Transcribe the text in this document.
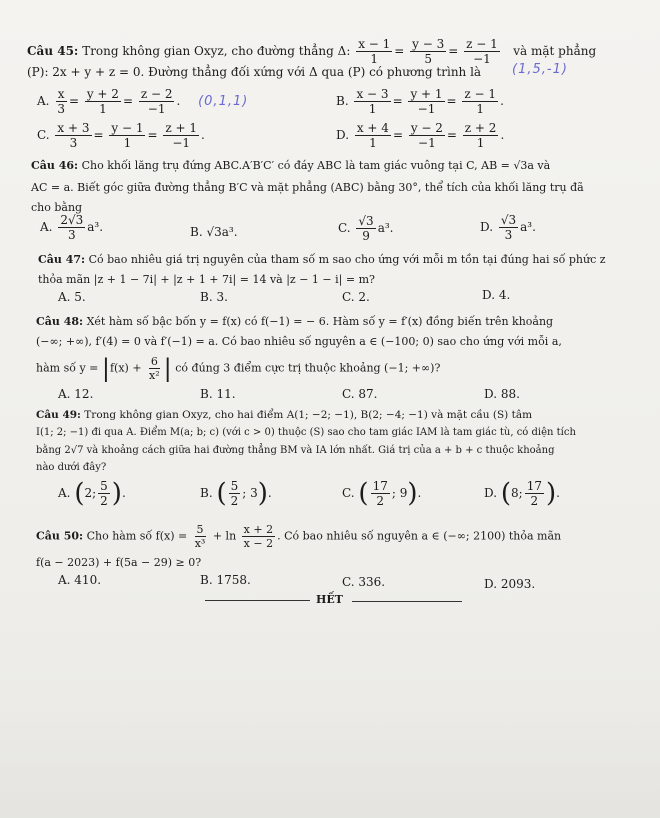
Câu 45: Trong không gian Oxyz, cho đường thẳng Δ: $\frac{x - 1}{1} = \frac{y - 3}{5} = \frac{z - 1}{-1}$ và mặt phẳng
(P): 2x + y + z = 0. Đường thẳng đối xứng với Δ qua (P) có phương trình là (1,5,-1)
A. $\frac{x}{3} = \frac{y + 2}{1} = \frac{z - 2}{-1}$ . (0,1,1)	B. $\frac{x - 3}{1} = \frac{y + 1}{-1} = \frac{z - 1}{1}$ .
C. $\frac{x + 3}{3} = \frac{y - 1}{1} = \frac{z + 1}{-1}$ .	D. $\frac{x + 4}{1} = \frac{y - 2}{-1} = \frac{z + 2}{1}$ .
Câu 46: Cho khối lăng trụ đứng ABC.A′B′C′ có đáy ABC là tam giác vuông tại C, AB = √3a và
AC = a. Biết góc giữa đường thẳng B′C và mặt phẳng (ABC) bằng 30°, thể tích của khối lăng trụ đã
cho bằng
A. $\frac{2√3}{3} a^3$.	B. √3a³.	C. $\frac{√3}{9} a^3$.	D. $\frac{√3}{3} a^3$.
Câu 47: Có bao nhiêu giá trị nguyên của tham số m sao cho ứng với mỗi m tồn tại đúng hai số phức z
thỏa mãn |z + 1 − 7i| + |z + 1 + 7i| = 14 và |z − 1 − i| = m?
A. 5.	B. 3.	C. 2.	D. 4.
Câu 48: Xét hàm số bậc bốn y = f(x) có f(−1) = − 6. Hàm số y = f′(x) đồng biến trên khoảng
(−∞; +∞), f′(4) = 0 và f′(−1) = a. Có bao nhiêu số nguyên a ∈ (−100; 0) sao cho ứng với mỗi a,
hàm số $y = |f(x) + \frac{6}{\text{x²}}$ | có đúng 3 điểm cực trị thuộc khoảng (−1; +∞)?
A. 12.	B. 11.	C. 87.	D. 88.
Câu 49: Trong không gian Oxyz, cho hai điểm A(1; −2; −1), B(2; −4; −1) và mặt cầu (S) tâm
I(1; 2; −1) đi qua A. Điểm M(a; b; c) (với c > 0) thuộc (S) sao cho tam giác IAM là tam giác tù, có diện tích
bằng 2√7 và khoảng cách giữa hai đường thẳng BM và IA lớn nhất. Giá trị của a + b + c thuộc khoảng
nào dưới đây?
A. (2; $\frac{5}{2}$ ).	B. ( $\frac{5}{2}$ ; 3).	C. ( $\frac{17}{2}$ ; 9).	D. (8; $\frac{17}{2}$ ).
Câu 50: Cho hàm số $f(x) = \frac{5}{\text{x³}} + \ln \frac{x + 2}{x - 2}$ . Có bao nhiêu số nguyên a ∈ (−∞; 2100) thỏa mãn
f(a − 2023) + f(5a − 29) ≥ 0?
A. 410.	B. 1758.	C. 336.	D. 2093.
HẾT
